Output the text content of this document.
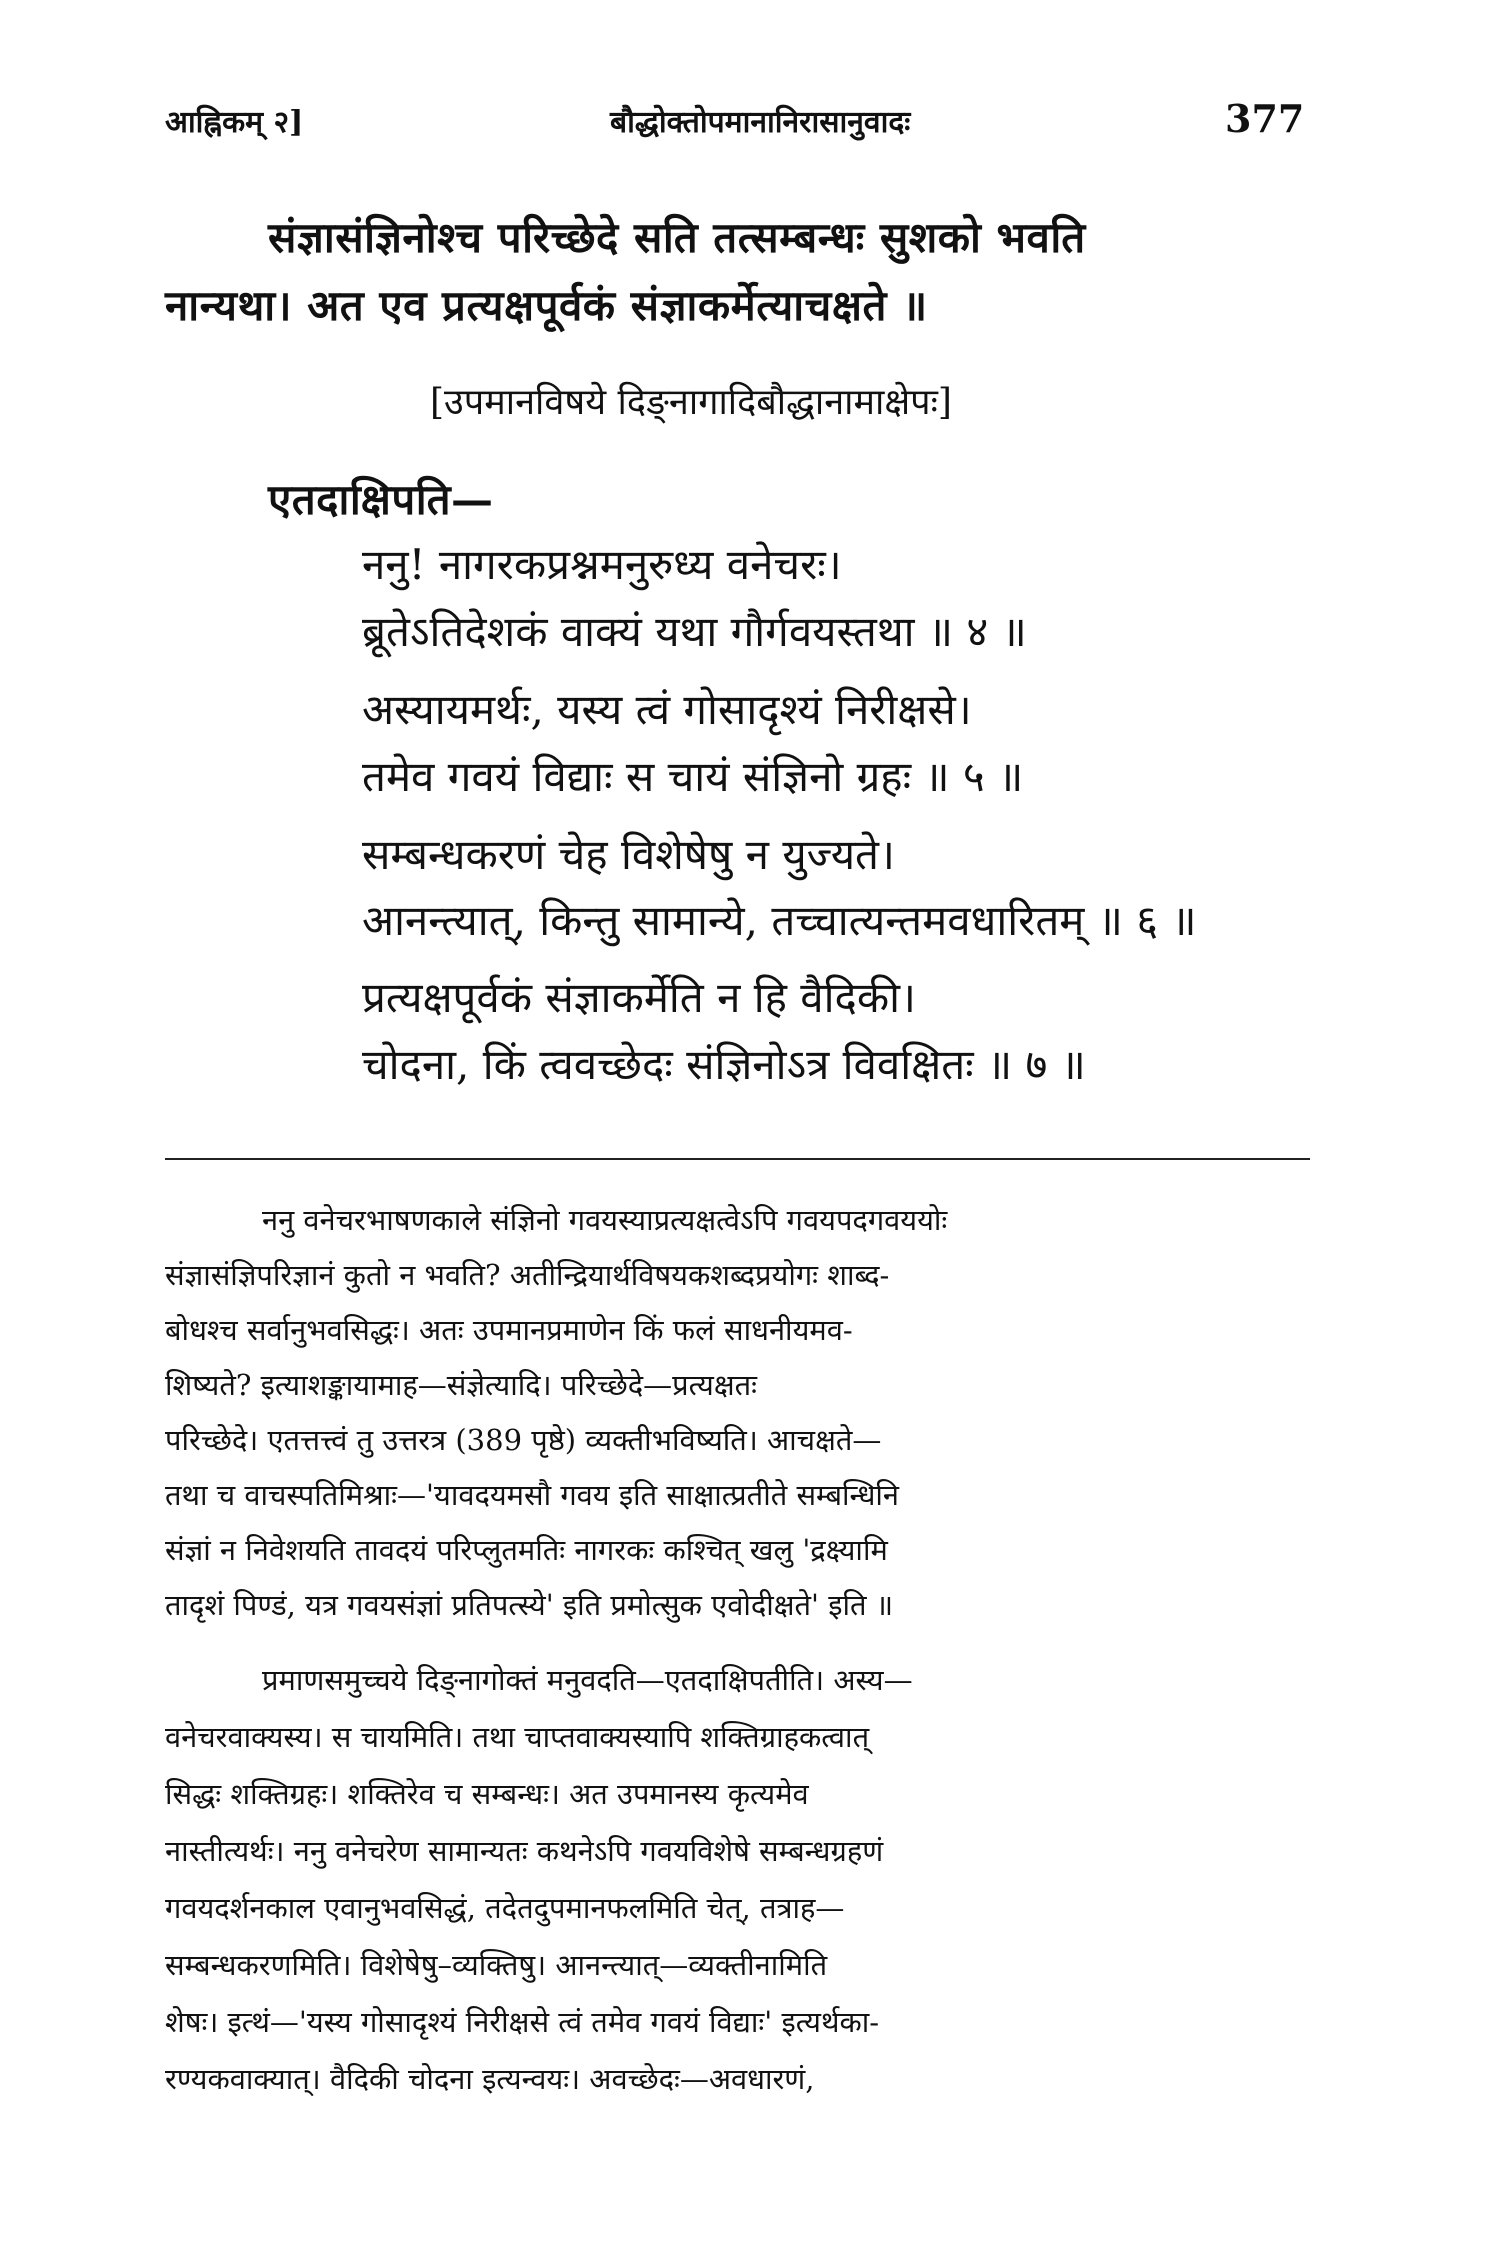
आह्निकम् २]	बौद्धोक्तोपमानानिरासानुवादः	377
संज्ञासंज्ञिनोश्च परिच्छेदे सति तत्सम्बन्धः सुशको भवति
नान्यथा। अत एव प्रत्यक्षपूर्वकं संज्ञाकर्मेत्याचक्षते ॥
[उपमानविषये दिङ्नागादिबौद्धानामाक्षेपः]
एतदाक्षिपति—
ननु! नागरकप्रश्नमनुरुध्य वनेचरः।
ब्रूतेऽतिदेशकं वाक्यं यथा गौर्गवयस्तथा ॥ ४ ॥
अस्यायमर्थः, यस्य त्वं गोसादृश्यं निरीक्षसे।
तमेव गवयं विद्याः स चायं संज्ञिनो ग्रहः ॥ ५ ॥
सम्बन्धकरणं चेह विशेषेषु न युज्यते।
आनन्त्यात्, किन्तु सामान्ये, तच्चात्यन्तमवधारितम् ॥ ६ ॥
प्रत्यक्षपूर्वकं संज्ञाकर्मेति न हि वैदिकी।
चोदना, किं त्ववच्छेदः संज्ञिनोऽत्र विवक्षितः ॥ ७ ॥
ननु वनेचरभाषणकाले संज्ञिनो गवयस्याप्रत्यक्षत्वेऽपि गवयपदगवययोः
संज्ञासंज्ञिपरिज्ञानं कुतो न भवति? अतीन्द्रियार्थविषयकशब्दप्रयोगः शाब्द-
बोधश्च सर्वानुभवसिद्धः। अतः उपमानप्रमाणेन किं फलं साधनीयमव-
शिष्यते? इत्याशङ्कायामाह—संज्ञेत्यादि। परिच्छेदे—प्रत्यक्षतः
परिच्छेदे। एतत्तत्त्वं तु उत्तरत्र (389 पृष्ठे) व्यक्तीभविष्यति। आचक्षते—
तथा च वाचस्पतिमिश्राः—'यावदयमसौ गवय इति साक्षात्प्रतीते सम्बन्धिनि
संज्ञां न निवेशयति तावदयं परिप्लुतमतिः नागरकः कश्चित् खलु 'द्रक्ष्यामि
तादृशं पिण्डं, यत्र गवयसंज्ञां प्रतिपत्स्ये' इति प्रमोत्सुक एवोदीक्षते' इति ॥
प्रमाणसमुच्चये दिङ्नागोक्तं मनुवदति—एतदाक्षिपतीति। अस्य—
वनेचरवाक्यस्य। स चायमिति। तथा चाप्तवाक्यस्यापि शक्तिग्राहकत्वात्
सिद्धः शक्तिग्रहः। शक्तिरेव च सम्बन्धः। अत उपमानस्य कृत्यमेव
नास्तीत्यर्थः। ननु वनेचरेण सामान्यतः कथनेऽपि गवयविशेषे सम्बन्धग्रहणं
गवयदर्शनकाल एवानुभवसिद्धं, तदेतदुपमानफलमिति चेत्, तत्राह—
सम्बन्धकरणमिति। विशेषेषु–व्यक्तिषु। आनन्त्यात्—व्यक्तीनामिति
शेषः। इत्थं—'यस्य गोसादृश्यं निरीक्षसे त्वं तमेव गवयं विद्याः' इत्यर्थका-
रण्यकवाक्यात्। वैदिकी चोदना इत्यन्वयः। अवच्छेदः—अवधारणं,
